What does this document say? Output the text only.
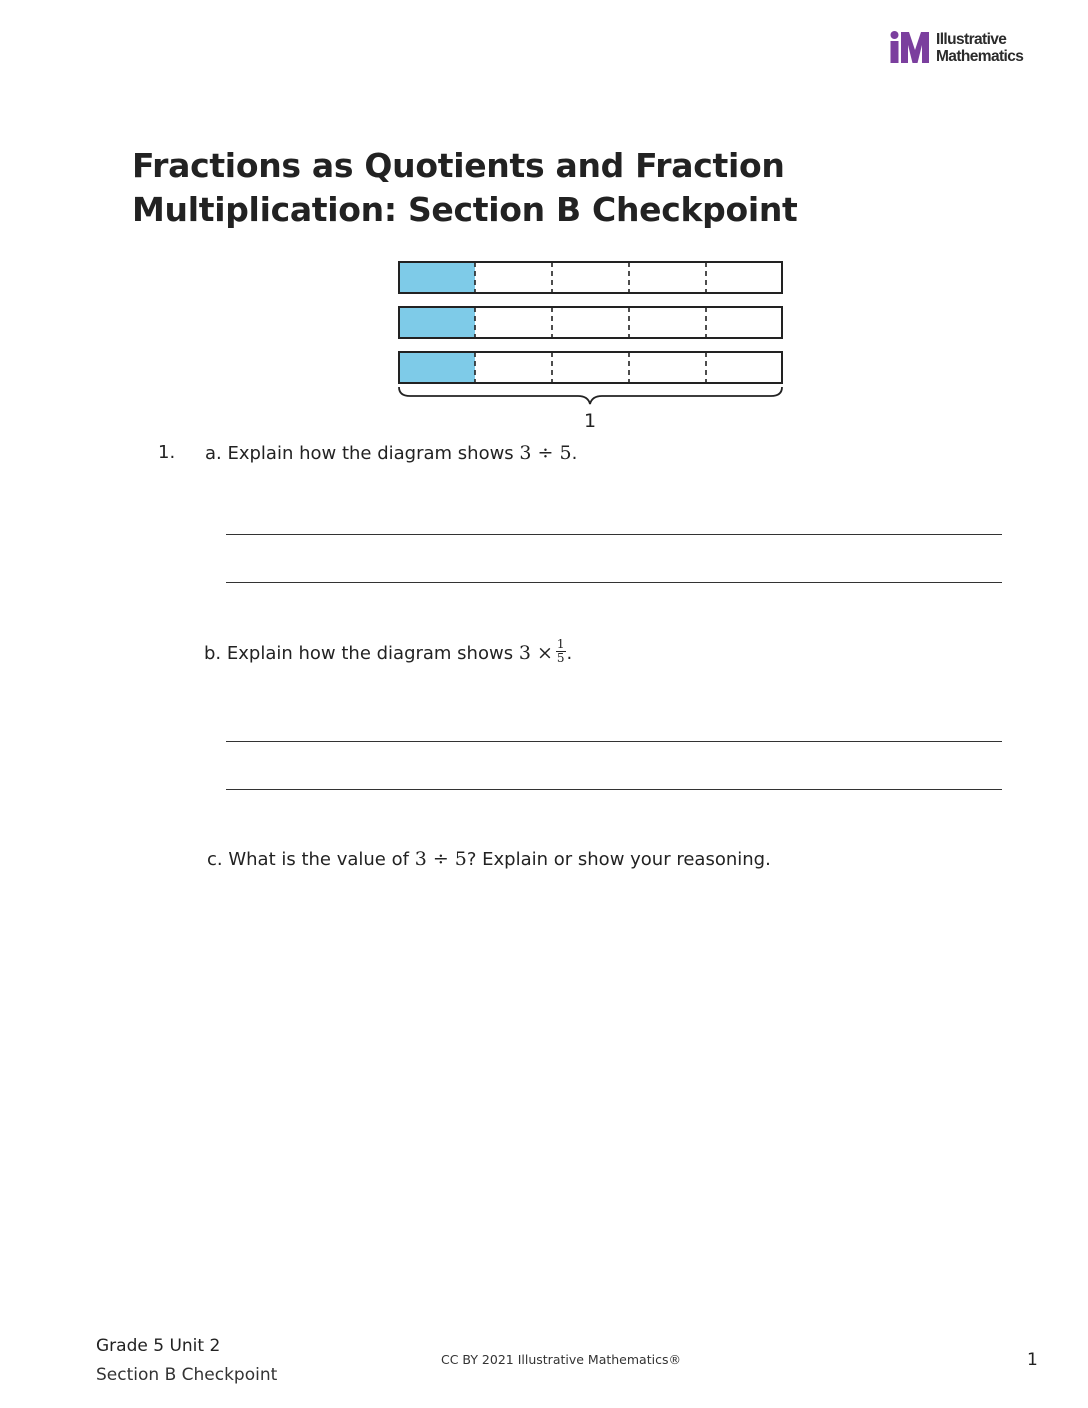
Illustrative
Mathematics
Fractions as Quotients and Fraction
Multiplication: Section B Checkpoint
1
1. a. Explain how the diagram shows 3 ÷ 5.
b. Explain how the diagram shows $3 \times \frac{1}{5}$ .
c. What is the value of 3 ÷ 5? Explain or show your reasoning.
Grade 5 Unit 2
Section B Checkpoint
CC BY 2021 Illustrative Mathematics®	1
